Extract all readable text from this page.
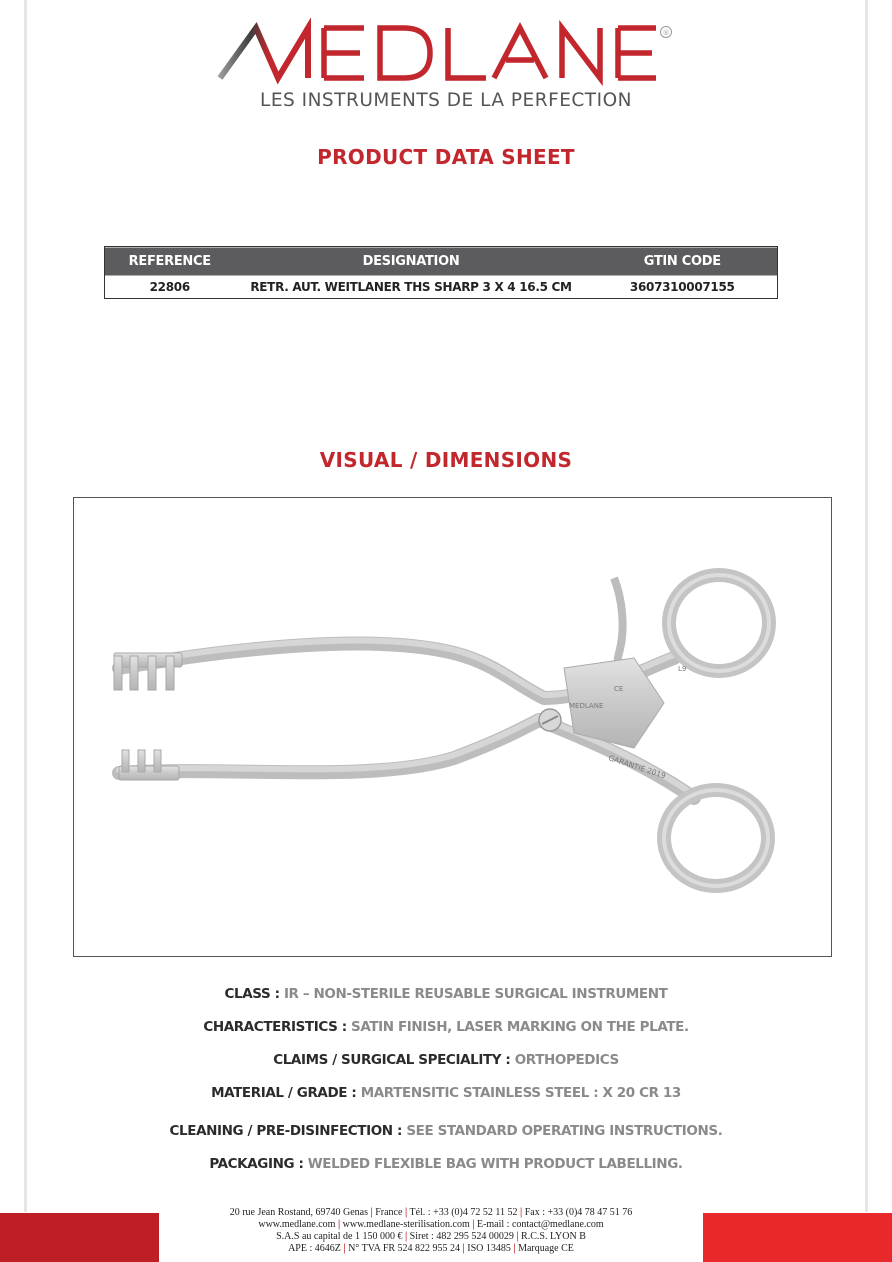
®
LES INSTRUMENTS DE LA PERFECTION
PRODUCT DATA SHEET
REFERENCE	DESIGNATION	GTIN CODE
22806	RETR. AUT. WEITLANER THS SHARP 3 X 4 16.5 CM	3607310007155
VISUAL / DIMENSIONS
MEDLANE
CE
L9
GARANTIE 2019
CLASS : IR – NON-STERILE REUSABLE SURGICAL INSTRUMENT
CHARACTERISTICS : SATIN FINISH, LASER MARKING ON THE PLATE.
CLAIMS / SURGICAL SPECIALITY : ORTHOPEDICS
MATERIAL / GRADE : MARTENSITIC STAINLESS STEEL : X 20 CR 13
CLEANING / PRE-DISINFECTION : SEE STANDARD OPERATING INSTRUCTIONS.
PACKAGING : WELDED FLEXIBLE BAG WITH PRODUCT LABELLING.
20 rue Jean Rostand, 69740 Genas | France | Tél. : +33 (0)4 72 52 11 52 | Fax : +33 (0)4 78 47 51 76
www.medlane.com | www.medlane-sterilisation.com | E-mail : contact@medlane.com
S.A.S au capital de 1 150 000 € | Siret : 482 295 524 00029 | R.C.S. LYON B
APE : 4646Z | N° TVA FR 524 822 955 24 | ISO 13485 | Marquage CE
